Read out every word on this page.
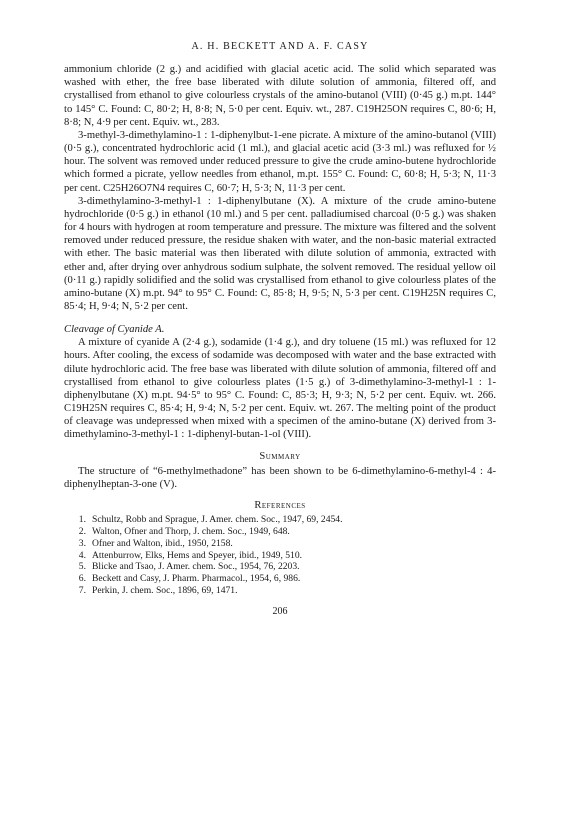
A. H. BECKETT AND A. F. CASY

ammonium chloride (2 g.) and acidified with glacial acetic acid. The solid which separated was washed with ether, the free base liberated with dilute solution of ammonia, filtered off, and crystallised from ethanol to give colourless crystals of the amino-butanol (VIII) (0·45 g.) m.pt. 144° to 145° C. Found: C, 80·2; H, 8·8; N, 5·0 per cent. Equiv. wt., 287. C19H25ON requires C, 80·6; H, 8·8; N, 4·9 per cent. Equiv. wt., 283.

3-methyl-3-dimethylamino-1 : 1-diphenylbut-1-ene picrate. A mixture of the amino-butanol (VIII) (0·5 g.), concentrated hydrochloric acid (1 ml.), and glacial acetic acid (3·3 ml.) was refluxed for ½ hour. The solvent was removed under reduced pressure to give the crude amino-butene hydrochloride which formed a picrate, yellow needles from ethanol, m.pt. 155° C. Found: C, 60·8; H, 5·3; N, 11·3 per cent. C25H26O7N4 requires C, 60·7; H, 5·3; N, 11·3 per cent.

3-dimethylamino-3-methyl-1 : 1-diphenylbutane (X). A mixture of the crude amino-butene hydrochloride (0·5 g.) in ethanol (10 ml.) and 5 per cent. palladiumised charcoal (0·5 g.) was shaken for 4 hours with hydrogen at room temperature and pressure. The mixture was filtered and the solvent removed under reduced pressure, the residue shaken with water, and the non-basic material extracted with ether. The basic material was then liberated with dilute solution of ammonia, extracted with ether and, after drying over anhydrous sodium sulphate, the solvent removed. The residual yellow oil (0·11 g.) rapidly solidified and the solid was crystallised from ethanol to give colourless plates of the amino-butane (X) m.pt. 94° to 95° C. Found: C, 85·8; H, 9·5; N, 5·3 per cent. C19H25N requires C, 85·4; H, 9·4; N, 5·2 per cent.

Cleavage of Cyanide A.

A mixture of cyanide A (2·4 g.), sodamide (1·4 g.), and dry toluene (15 ml.) was refluxed for 12 hours. After cooling, the excess of sodamide was decomposed with water and the base extracted with dilute hydrochloric acid. The free base was liberated with dilute solution of ammonia, filtered off and crystallised from ethanol to give colourless plates (1·5 g.) of 3-dimethylamino-3-methyl-1 : 1-diphenylbutane (X) m.pt. 94·5° to 95° C. Found: C, 85·3; H, 9·3; N, 5·2 per cent. Equiv. wt. 266. C19H25N requires C, 85·4; H, 9·4; N, 5·2 per cent. Equiv. wt. 267. The melting point of the product of cleavage was undepressed when mixed with a specimen of the amino-butane (X) derived from 3-dimethylamino-3-methyl-1 : 1-diphenyl-butan-1-ol (VIII).

Summary

The structure of “6-methylmethadone” has been shown to be 6-dimethylamino-6-methyl-4 : 4-diphenylheptan-3-one (V).

References
1. Schultz, Robb and Sprague, J. Amer. chem. Soc., 1947, 69, 2454.
2. Walton, Ofner and Thorp, J. chem. Soc., 1949, 648.
3. Ofner and Walton, ibid., 1950, 2158.
4. Attenburrow, Elks, Hems and Speyer, ibid., 1949, 510.
5. Blicke and Tsao, J. Amer. chem. Soc., 1954, 76, 2203.
6. Beckett and Casy, J. Pharm. Pharmacol., 1954, 6, 986.
7. Perkin, J. chem. Soc., 1896, 69, 1471.
206
